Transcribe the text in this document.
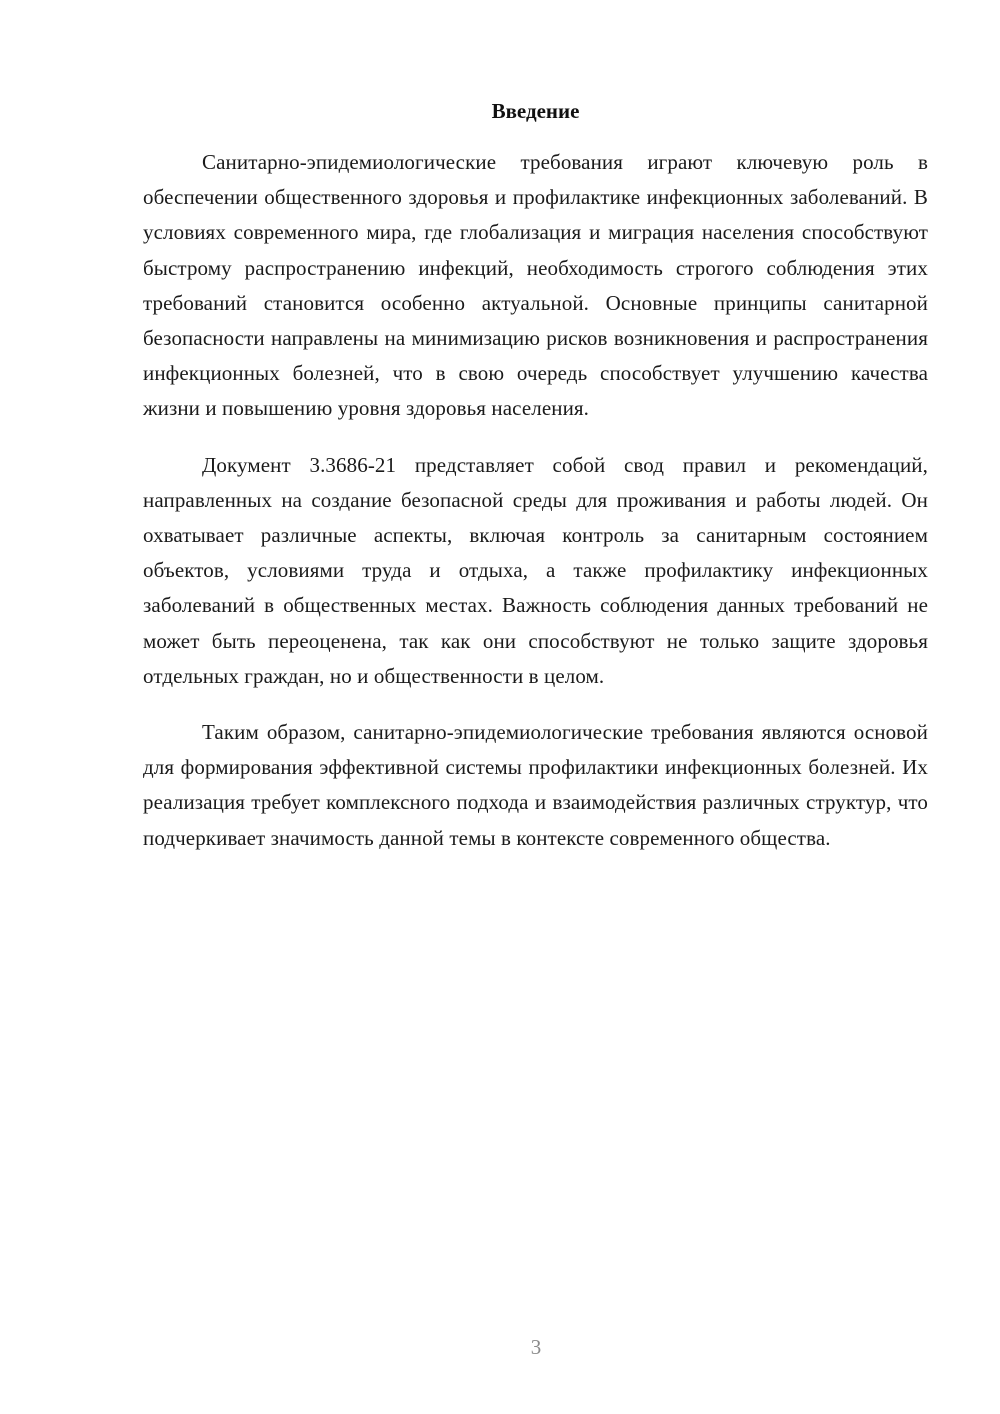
Введение

Санитарно-эпидемиологические требования играют ключевую роль в обеспечении общественного здоровья и профилактике инфекционных заболеваний. В условиях современного мира, где глобализация и миграция населения способствуют быстрому распространению инфекций, необходимость строгого соблюдения этих требований становится особенно актуальной. Основные принципы санитарной безопасности направлены на минимизацию рисков возникновения и распространения инфекционных болезней, что в свою очередь способствует улучшению качества жизни и повышению уровня здоровья населения.

Документ 3.3686-21 представляет собой свод правил и рекомендаций, направленных на создание безопасной среды для проживания и работы людей. Он охватывает различные аспекты, включая контроль за санитарным состоянием объектов, условиями труда и отдыха, а также профилактику инфекционных заболеваний в общественных местах. Важность соблюдения данных требований не может быть переоценена, так как они способствуют не только защите здоровья отдельных граждан, но и общественности в целом.

Таким образом, санитарно-эпидемиологические требования являются основой для формирования эффективной системы профилактики инфекционных болезней. Их реализация требует комплексного подхода и взаимодействия различных структур, что подчеркивает значимость данной темы в контексте современного общества.

3
